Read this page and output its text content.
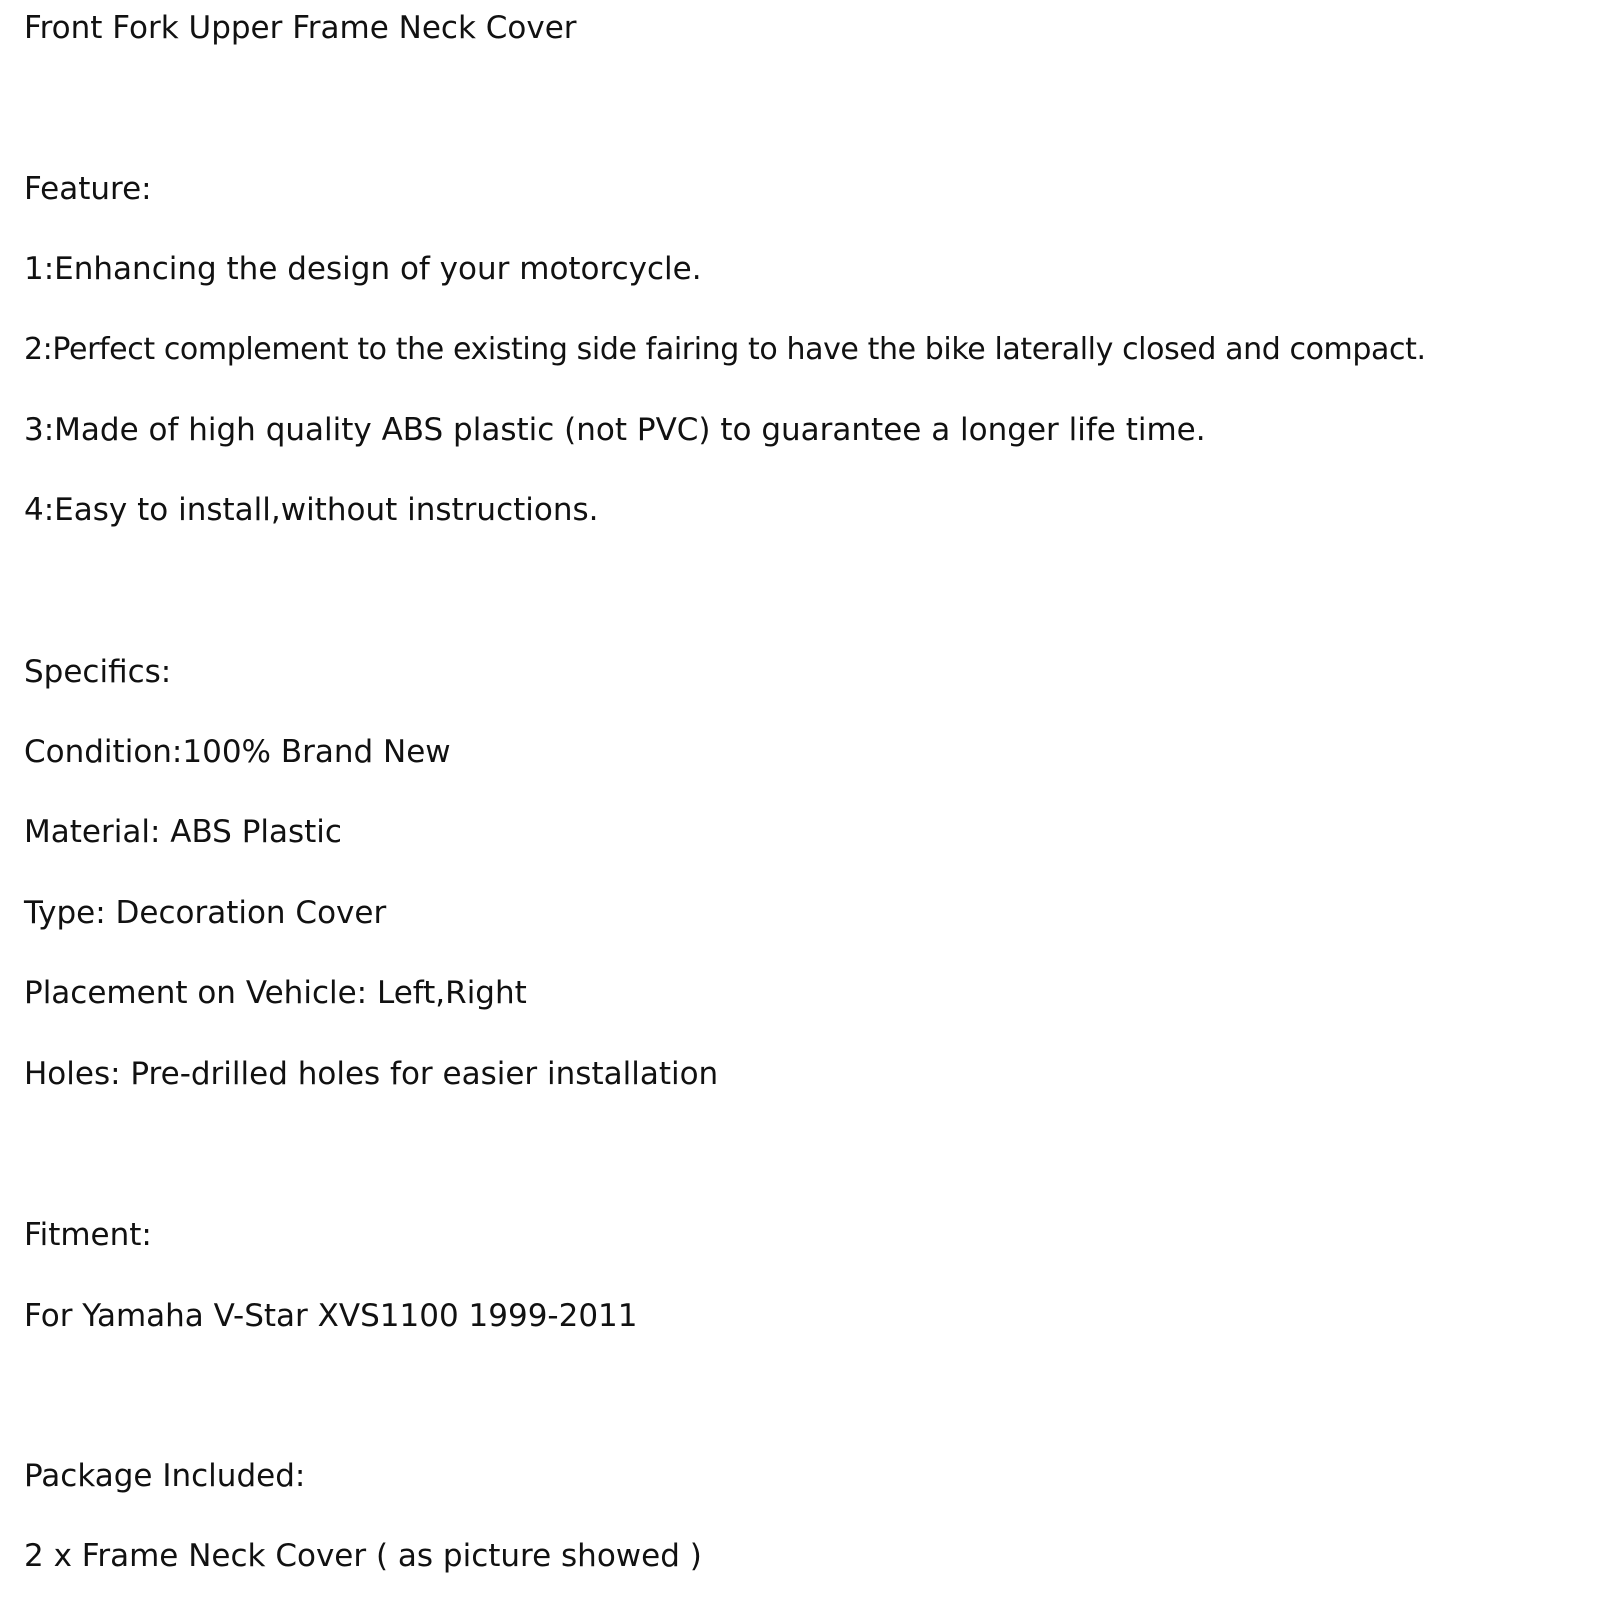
Front Fork Upper Frame Neck Cover
Feature:
1:Enhancing the design of your motorcycle.
2:Perfect complement to the existing side fairing to have the bike laterally closed and compact.
3:Made of high quality ABS plastic (not PVC) to guarantee a longer life time.
4:Easy to install,without instructions.
Specifics:
Condition:100% Brand New
Material: ABS Plastic
Type: Decoration Cover
Placement on Vehicle: Left,Right
Holes: Pre-drilled holes for easier installation
Fitment:
For Yamaha V-Star XVS1100 1999-2011
Package Included:
2 x Frame Neck Cover ( as picture showed )
